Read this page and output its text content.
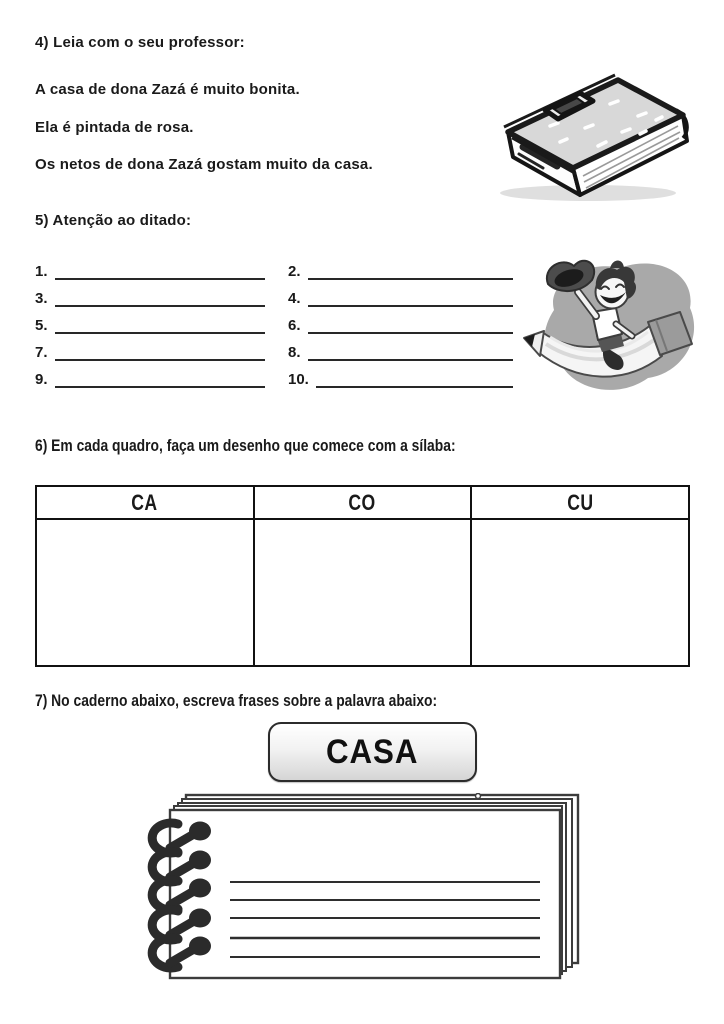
4) Leia com o seu professor:
A casa de dona Zazá é muito bonita.
Ela é pintada de rosa.
Os netos de dona Zazá gostam muito da casa.
5) Atenção ao ditado:
1.	2.
3.	4.
5.	6.
7.	8.
9.	10.
6) Em cada quadro, faça um desenho que comece com a sílaba:
CA	CO	CU

7) No caderno abaixo, escreva frases sobre a palavra abaixo:
CASA
